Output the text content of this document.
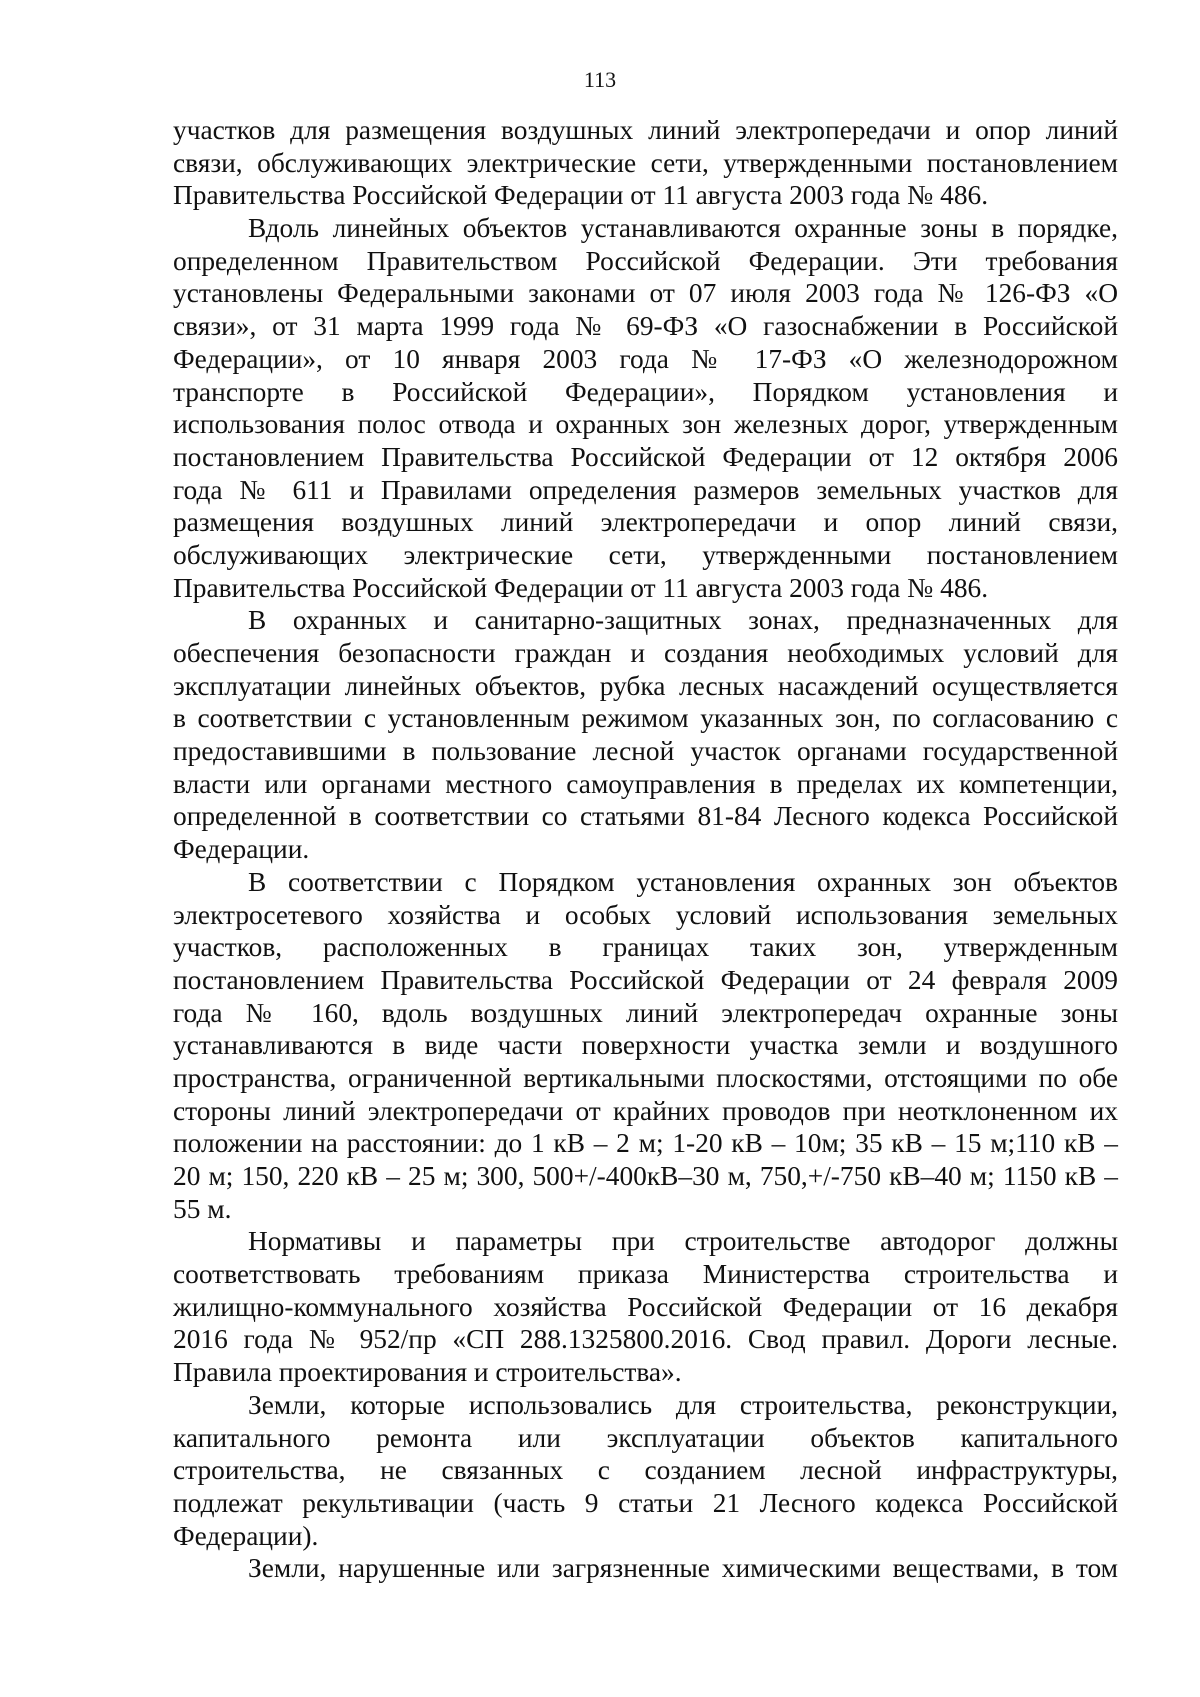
113
участков для размещения воздушных линий электропередачи и опор линий
связи, обслуживающих электрические сети, утвержденными постановлением
Правительства Российской Федерации от 11 августа 2003 года № 486.
Вдоль линейных объектов устанавливаются охранные зоны в порядке,
определенном Правительством Российской Федерации. Эти требования
установлены Федеральными законами от 07 июля 2003 года № 126-ФЗ «О
связи», от 31 марта 1999 года № 69-ФЗ «О газоснабжении в Российской
Федерации», от 10 января 2003 года № 17-ФЗ «О железнодорожном
транспорте в Российской Федерации», Порядком установления и
использования полос отвода и охранных зон железных дорог, утвержденным
постановлением Правительства Российской Федерации от 12 октября 2006
года № 611 и Правилами определения размеров земельных участков для
размещения воздушных линий электропередачи и опор линий связи,
обслуживающих электрические сети, утвержденными постановлением
Правительства Российской Федерации от 11 августа 2003 года № 486.
В охранных и санитарно-защитных зонах, предназначенных для
обеспечения безопасности граждан и создания необходимых условий для
эксплуатации линейных объектов, рубка лесных насаждений осуществляется
в соответствии с установленным режимом указанных зон, по согласованию с
предоставившими в пользование лесной участок органами государственной
власти или органами местного самоуправления в пределах их компетенции,
определенной в соответствии со статьями 81-84 Лесного кодекса Российской
Федерации.
В соответствии с Порядком установления охранных зон объектов
электросетевого хозяйства и особых условий использования земельных
участков, расположенных в границах таких зон, утвержденным
постановлением Правительства Российской Федерации от 24 февраля 2009
года № 160, вдоль воздушных линий электропередач охранные зоны
устанавливаются в виде части поверхности участка земли и воздушного
пространства, ограниченной вертикальными плоскостями, отстоящими по обе
стороны линий электропередачи от крайних проводов при неотклоненном их
положении на расстоянии: до 1 кВ – 2 м; 1-20 кВ – 10м; 35 кВ – 15 м;110 кВ –
20 м; 150, 220 кВ – 25 м; 300, 500+/-400кВ–30 м, 750,+/-750 кВ–40 м; 1150 кВ –
55 м.
Нормативы и параметры при строительстве автодорог должны
соответствовать требованиям приказа Министерства строительства и
жилищно-коммунального хозяйства Российской Федерации от 16 декабря
2016 года № 952/пр «СП 288.1325800.2016. Свод правил. Дороги лесные.
Правила проектирования и строительства».
Земли, которые использовались для строительства, реконструкции,
капитального ремонта или эксплуатации объектов капитального
строительства, не связанных с созданием лесной инфраструктуры,
подлежат рекультивации (часть 9 статьи 21 Лесного кодекса Российской
Федерации).
Земли, нарушенные или загрязненные химическими веществами, в том
